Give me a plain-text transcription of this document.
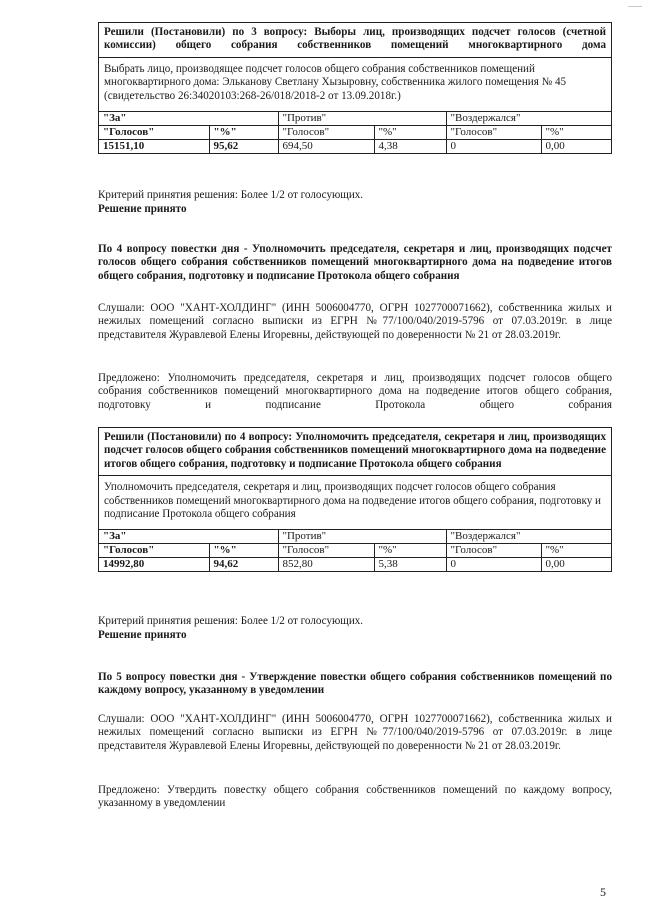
Решили (Постановили) по 3 вопросу: Выборы лиц, производящих подсчет голосов (счетной комиссии) общего собрания собственников помещений многоквартирного дома
Выбрать лицо, производящее подсчет голосов общего собрания собственников помещений многоквартирного дома: Эльканову Светлану Хызыровну, собственника жилого помещения № 45 (свидетельство 26:34020103:268-26/018/2018-2 от 13.09.2018г.)
"За"		"Против"		"Воздержался"	
"Голосов"	"%"	"Голосов"	"%"	"Голосов"	"%"
15151,10	95,62	694,50	4,38	0	0,00
Критерий принятия решения: Более 1/2 от голосующих.
Решение принято
По 4 вопросу повестки дня - Уполномочить председателя, секретаря и лиц, производящих подсчет голосов общего собрания собственников помещений многоквартирного дома на подведение итогов общего собрания, подготовку и подписание Протокола общего собрания
Слушали: ООО "ХАНТ-ХОЛДИНГ" (ИНН 5006004770, ОГРН 1027700071662), собственника жилых и нежилых помещений согласно выписки из ЕГРН №77/100/040/2019-5796 от 07.03.2019г. в лице представителя Журавлевой Елены Игоревны, действующей по доверенности № 21 от 28.03.2019г.
Предложено: Уполномочить председателя, секретаря и лиц, производящих подсчет голосов общего собрания собственников помещений многоквартирного дома на подведение итогов общего собрания, подготовку и подписание Протокола общего собрания
Решили (Постановили) по 4 вопросу: Уполномочить председателя, секретаря и лиц, производящих подсчет голосов общего собрания собственников помещений многоквартирного дома на подведение итогов общего собрания, подготовку и подписание Протокола общего собрания
Уполномочить председателя, секретаря и лиц, производящих подсчет голосов общего собрания собственников помещений многоквартирного дома на подведение итогов общего собрания, подготовку и подписание Протокола общего собрания
"За"		"Против"		"Воздержался"	
"Голосов"	"%"	"Голосов"	"%"	"Голосов"	"%"
14992,80	94,62	852,80	5,38	0	0,00
Критерий принятия решения: Более 1/2 от голосующих.
Решение принято
По 5 вопросу повестки дня - Утверждение повестки общего собрания собственников помещений по каждому вопросу, указанному в уведомлении
Слушали: ООО "ХАНТ-ХОЛДИНГ" (ИНН 5006004770, ОГРН 1027700071662), собственника жилых и нежилых помещений согласно выписки из ЕГРН №77/100/040/2019-5796 от 07.03.2019г. в лице представителя Журавлевой Елены Игоревны, действующей по доверенности № 21 от 28.03.2019г.
Предложено: Утвердить повестку общего собрания собственников помещений по каждому вопросу, указанному в уведомлении
5
